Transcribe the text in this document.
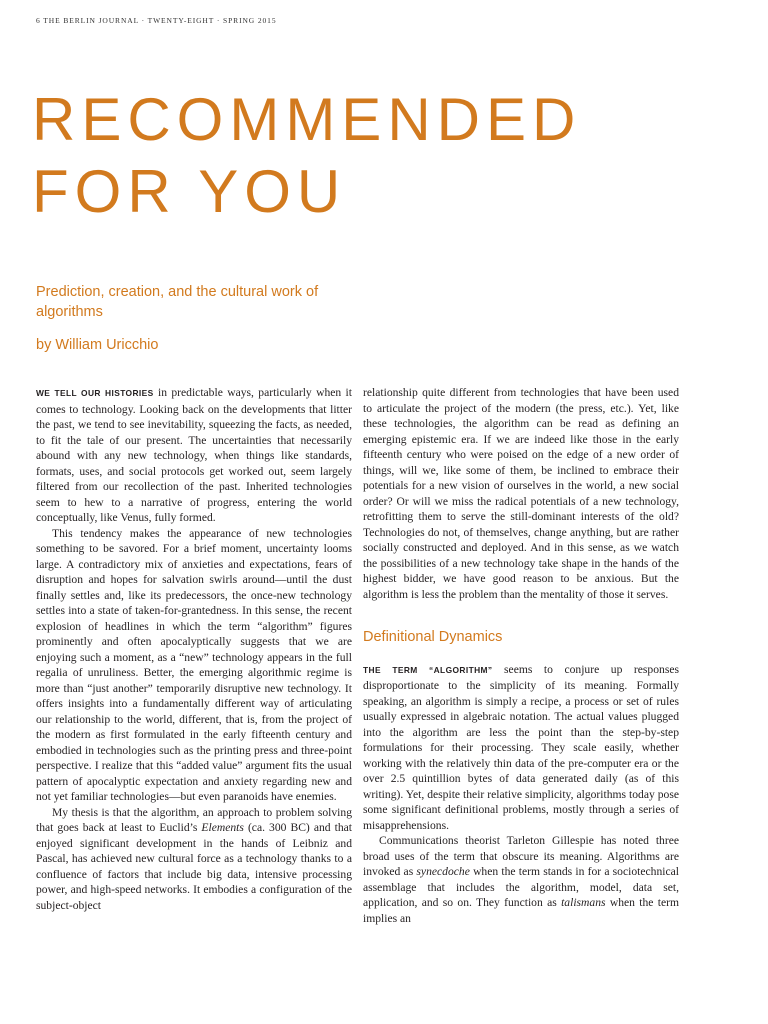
6 THE BERLIN JOURNAL · TWENTY-EIGHT · SPRING 2015
RECOMMENDED
FOR YOU
Prediction, creation, and the cultural work of algorithms
by William Uricchio

WE TELL OUR HISTORIES in predictable ways, particularly when it comes to technology. Looking back on the developments that litter the past, we tend to see inevitability, squeezing the facts, as needed, to fit the tale of our present. The uncertainties that necessarily abound with any new technology, when things like standards, formats, uses, and social protocols get worked out, seem largely filtered from our recollection of the past. Inherited technologies seem to hew to a narrative of progress, entering the world conceptually, like Venus, fully formed.

This tendency makes the appearance of new technologies something to be savored. For a brief moment, uncertainty looms large. A contradictory mix of anxieties and expectations, fears of disruption and hopes for salvation swirls around—until the dust finally settles and, like its predecessors, the once-new technology settles into a state of taken-for-grantedness. In this sense, the recent explosion of headlines in which the term “algorithm” figures prominently and often apocalyptically suggests that we are enjoying such a moment, as a “new” technology appears in the full regalia of unruliness. Better, the emerging algorithmic regime is more than “just another” temporarily disruptive new technology. It offers insights into a fundamentally different way of articulating our relationship to the world, different, that is, from the project of the modern as first formulated in the early fifteenth century and embodied in technologies such as the printing press and three-point perspective. I realize that this “added value” argument fits the usual pattern of apocalyptic expectation and anxiety regarding new and not yet familiar technologies—but even paranoids have enemies.

My thesis is that the algorithm, an approach to problem solving that goes back at least to Euclid’s Elements (ca. 300 BC) and that enjoyed significant development in the hands of Leibniz and Pascal, has achieved new cultural force as a technology thanks to a confluence of factors that include big data, intensive processing power, and high-speed networks. It embodies a configuration of the subject-object

relationship quite different from technologies that have been used to articulate the project of the modern (the press, etc.). Yet, like these technologies, the algorithm can be read as defining an emerging epistemic era. If we are indeed like those in the early fifteenth century who were poised on the edge of a new order of things, will we, like some of them, be inclined to embrace their potentials for a new vision of ourselves in the world, a new social order? Or will we miss the radical potentials of a new technology, retrofitting them to serve the still-dominant interests of the old? Technologies do not, of themselves, change anything, but are rather socially constructed and deployed. And in this sense, as we watch the possibilities of a new technology take shape in the hands of the highest bidder, we have good reason to be anxious. But the algorithm is less the problem than the mentality of those it serves.

Definitional Dynamics

THE TERM “ALGORITHM” seems to conjure up responses disproportionate to the simplicity of its meaning. Formally speaking, an algorithm is simply a recipe, a process or set of rules usually expressed in algebraic notation. The actual values plugged into the algorithm are less the point than the step-by-step formulations for their processing. They scale easily, whether working with the relatively thin data of the pre-computer era or the over 2.5 quintillion bytes of data generated daily (as of this writing). Yet, despite their relative simplicity, algorithms today pose some significant definitional problems, mostly through a series of misapprehensions.

Communications theorist Tarleton Gillespie has noted three broad uses of the term that obscure its meaning. Algorithms are invoked as synecdoche when the term stands in for a sociotechnical assemblage that includes the algorithm, model, data set, application, and so on. They function as talismans when the term implies an
